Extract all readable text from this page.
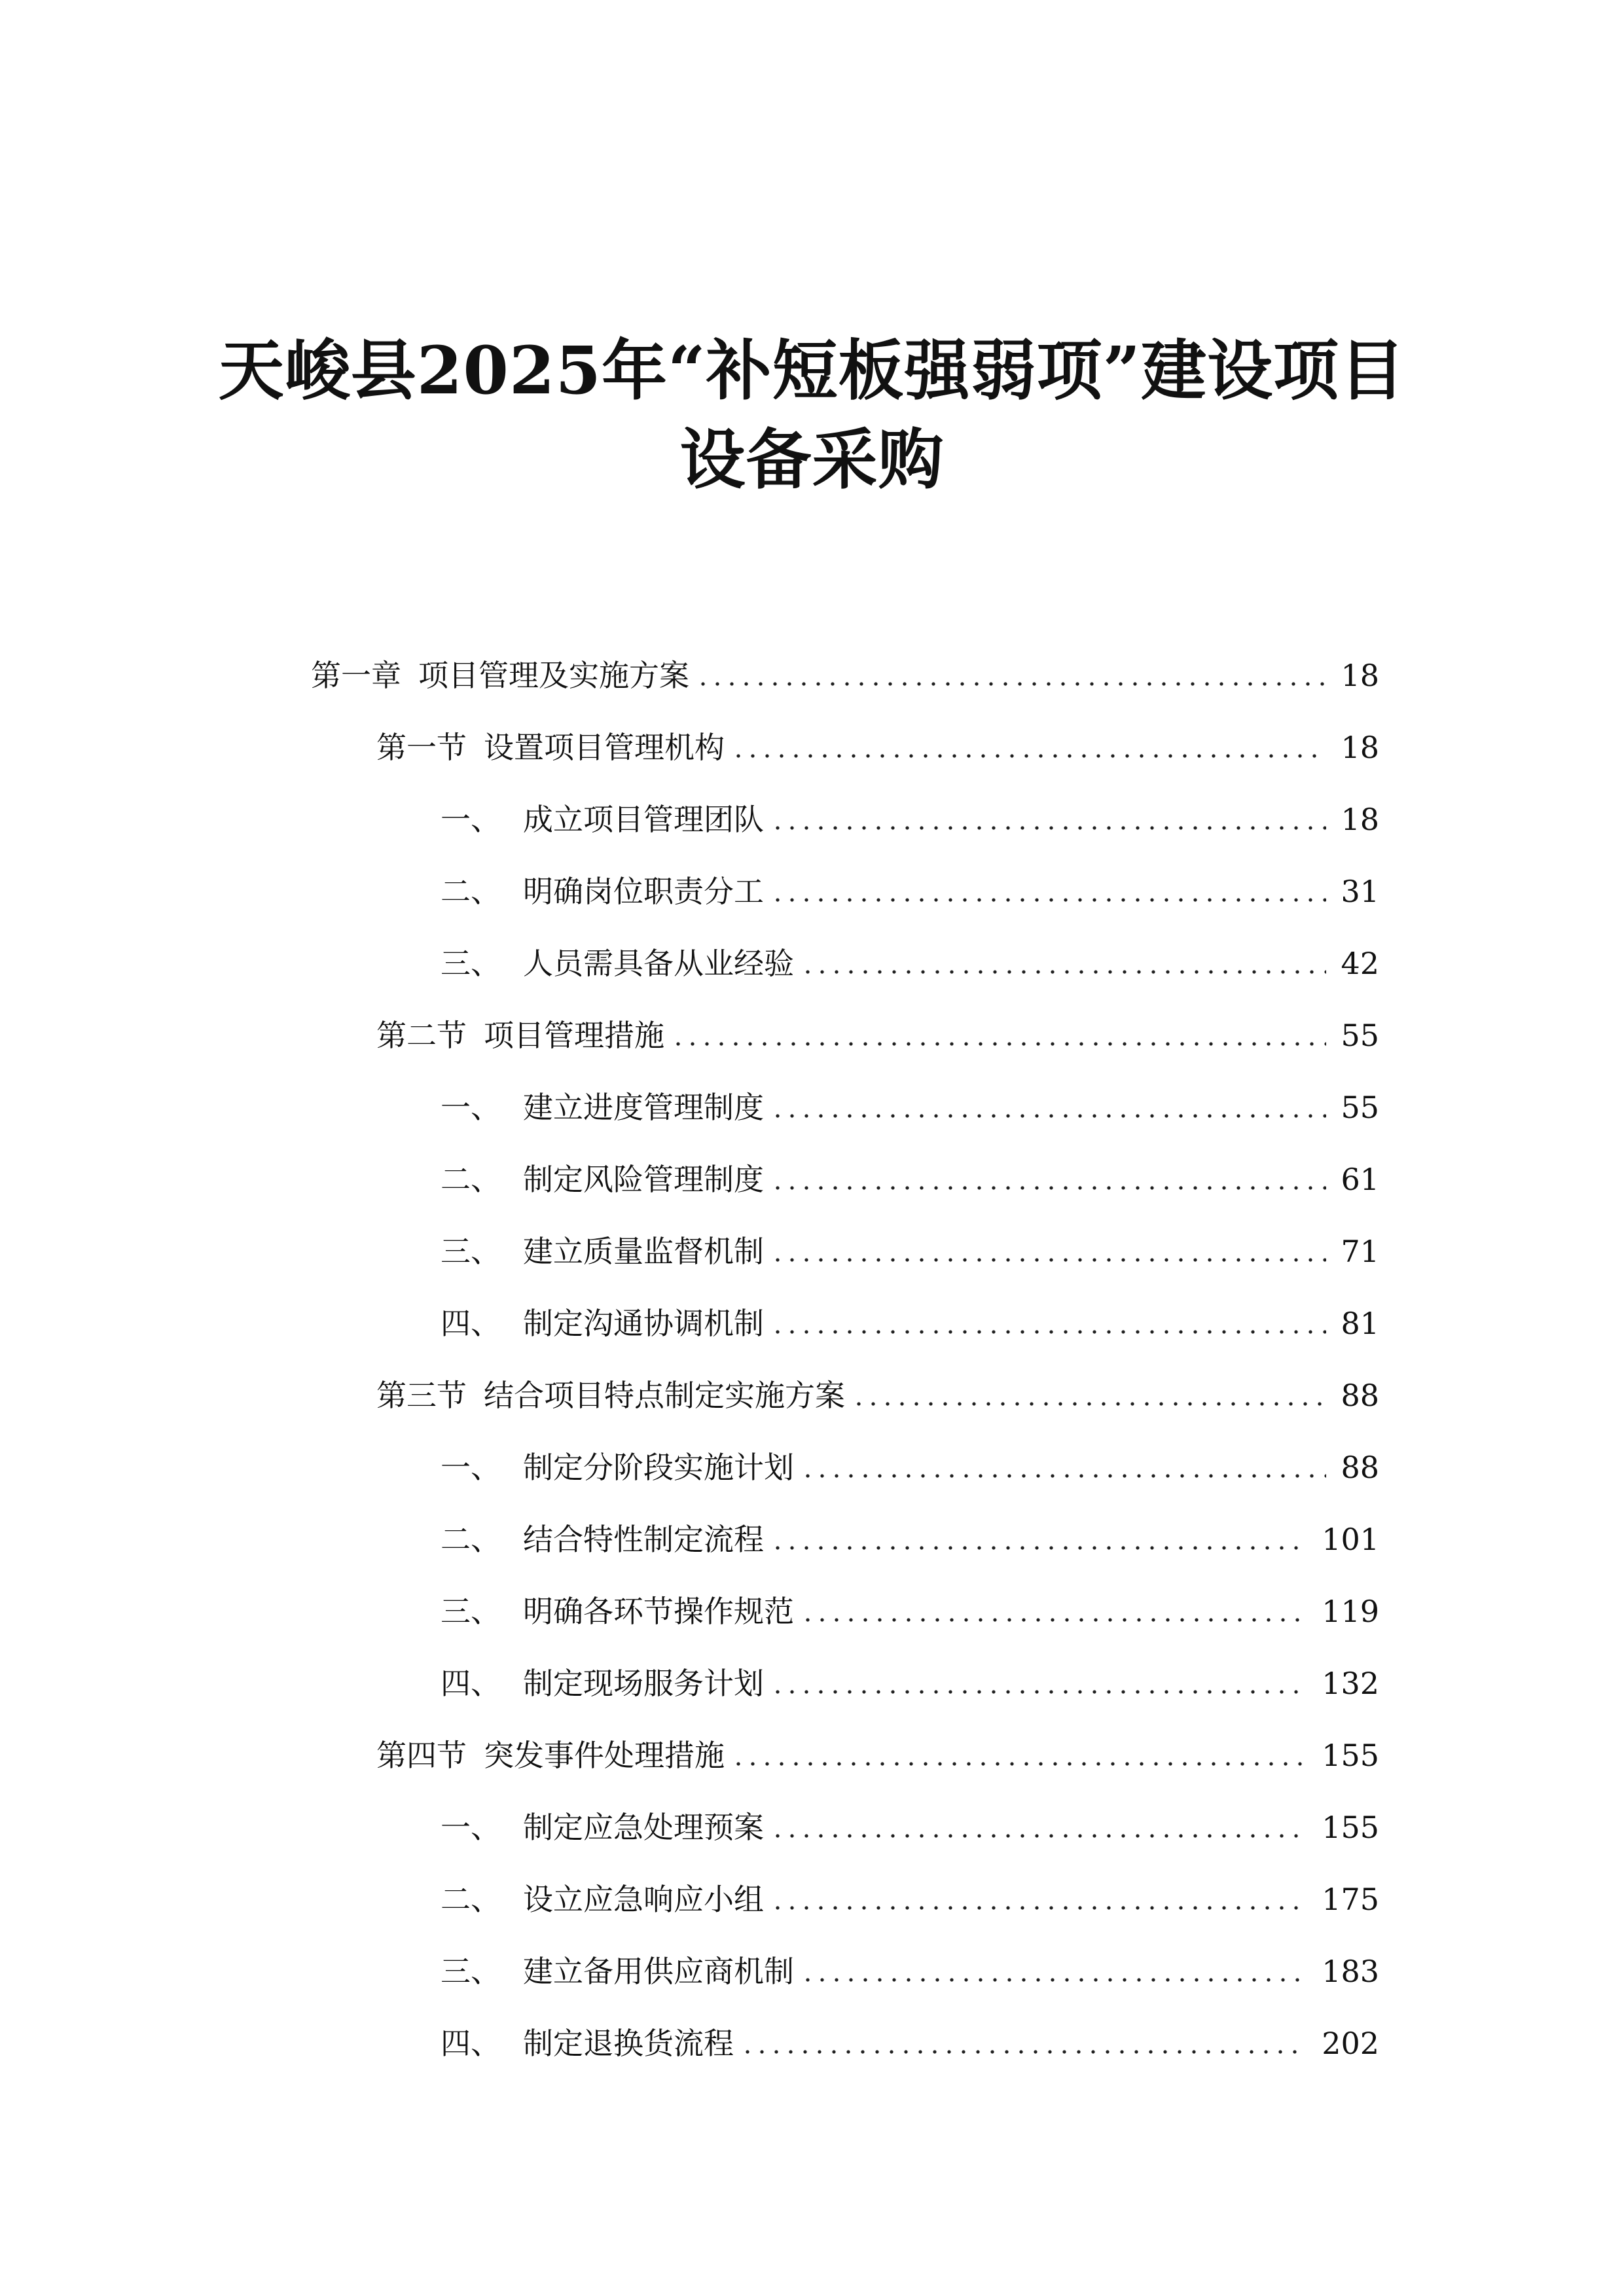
天峻县2025年“补短板强弱项”建设项目
设备采购
第一章 项目管理及实施方案	18
第一节 设置项目管理机构	18
一、 成立项目管理团队	18
二、 明确岗位职责分工	31
三、 人员需具备从业经验	42
第二节 项目管理措施	55
一、 建立进度管理制度	55
二、 制定风险管理制度	61
三、 建立质量监督机制	71
四、 制定沟通协调机制	81
第三节 结合项目特点制定实施方案	88
一、 制定分阶段实施计划	88
二、 结合特性制定流程	101
三、 明确各环节操作规范	119
四、 制定现场服务计划	132
第四节 突发事件处理措施	155
一、 制定应急处理预案	155
二、 设立应急响应小组	175
三、 建立备用供应商机制	183
四、 制定退换货流程	202
